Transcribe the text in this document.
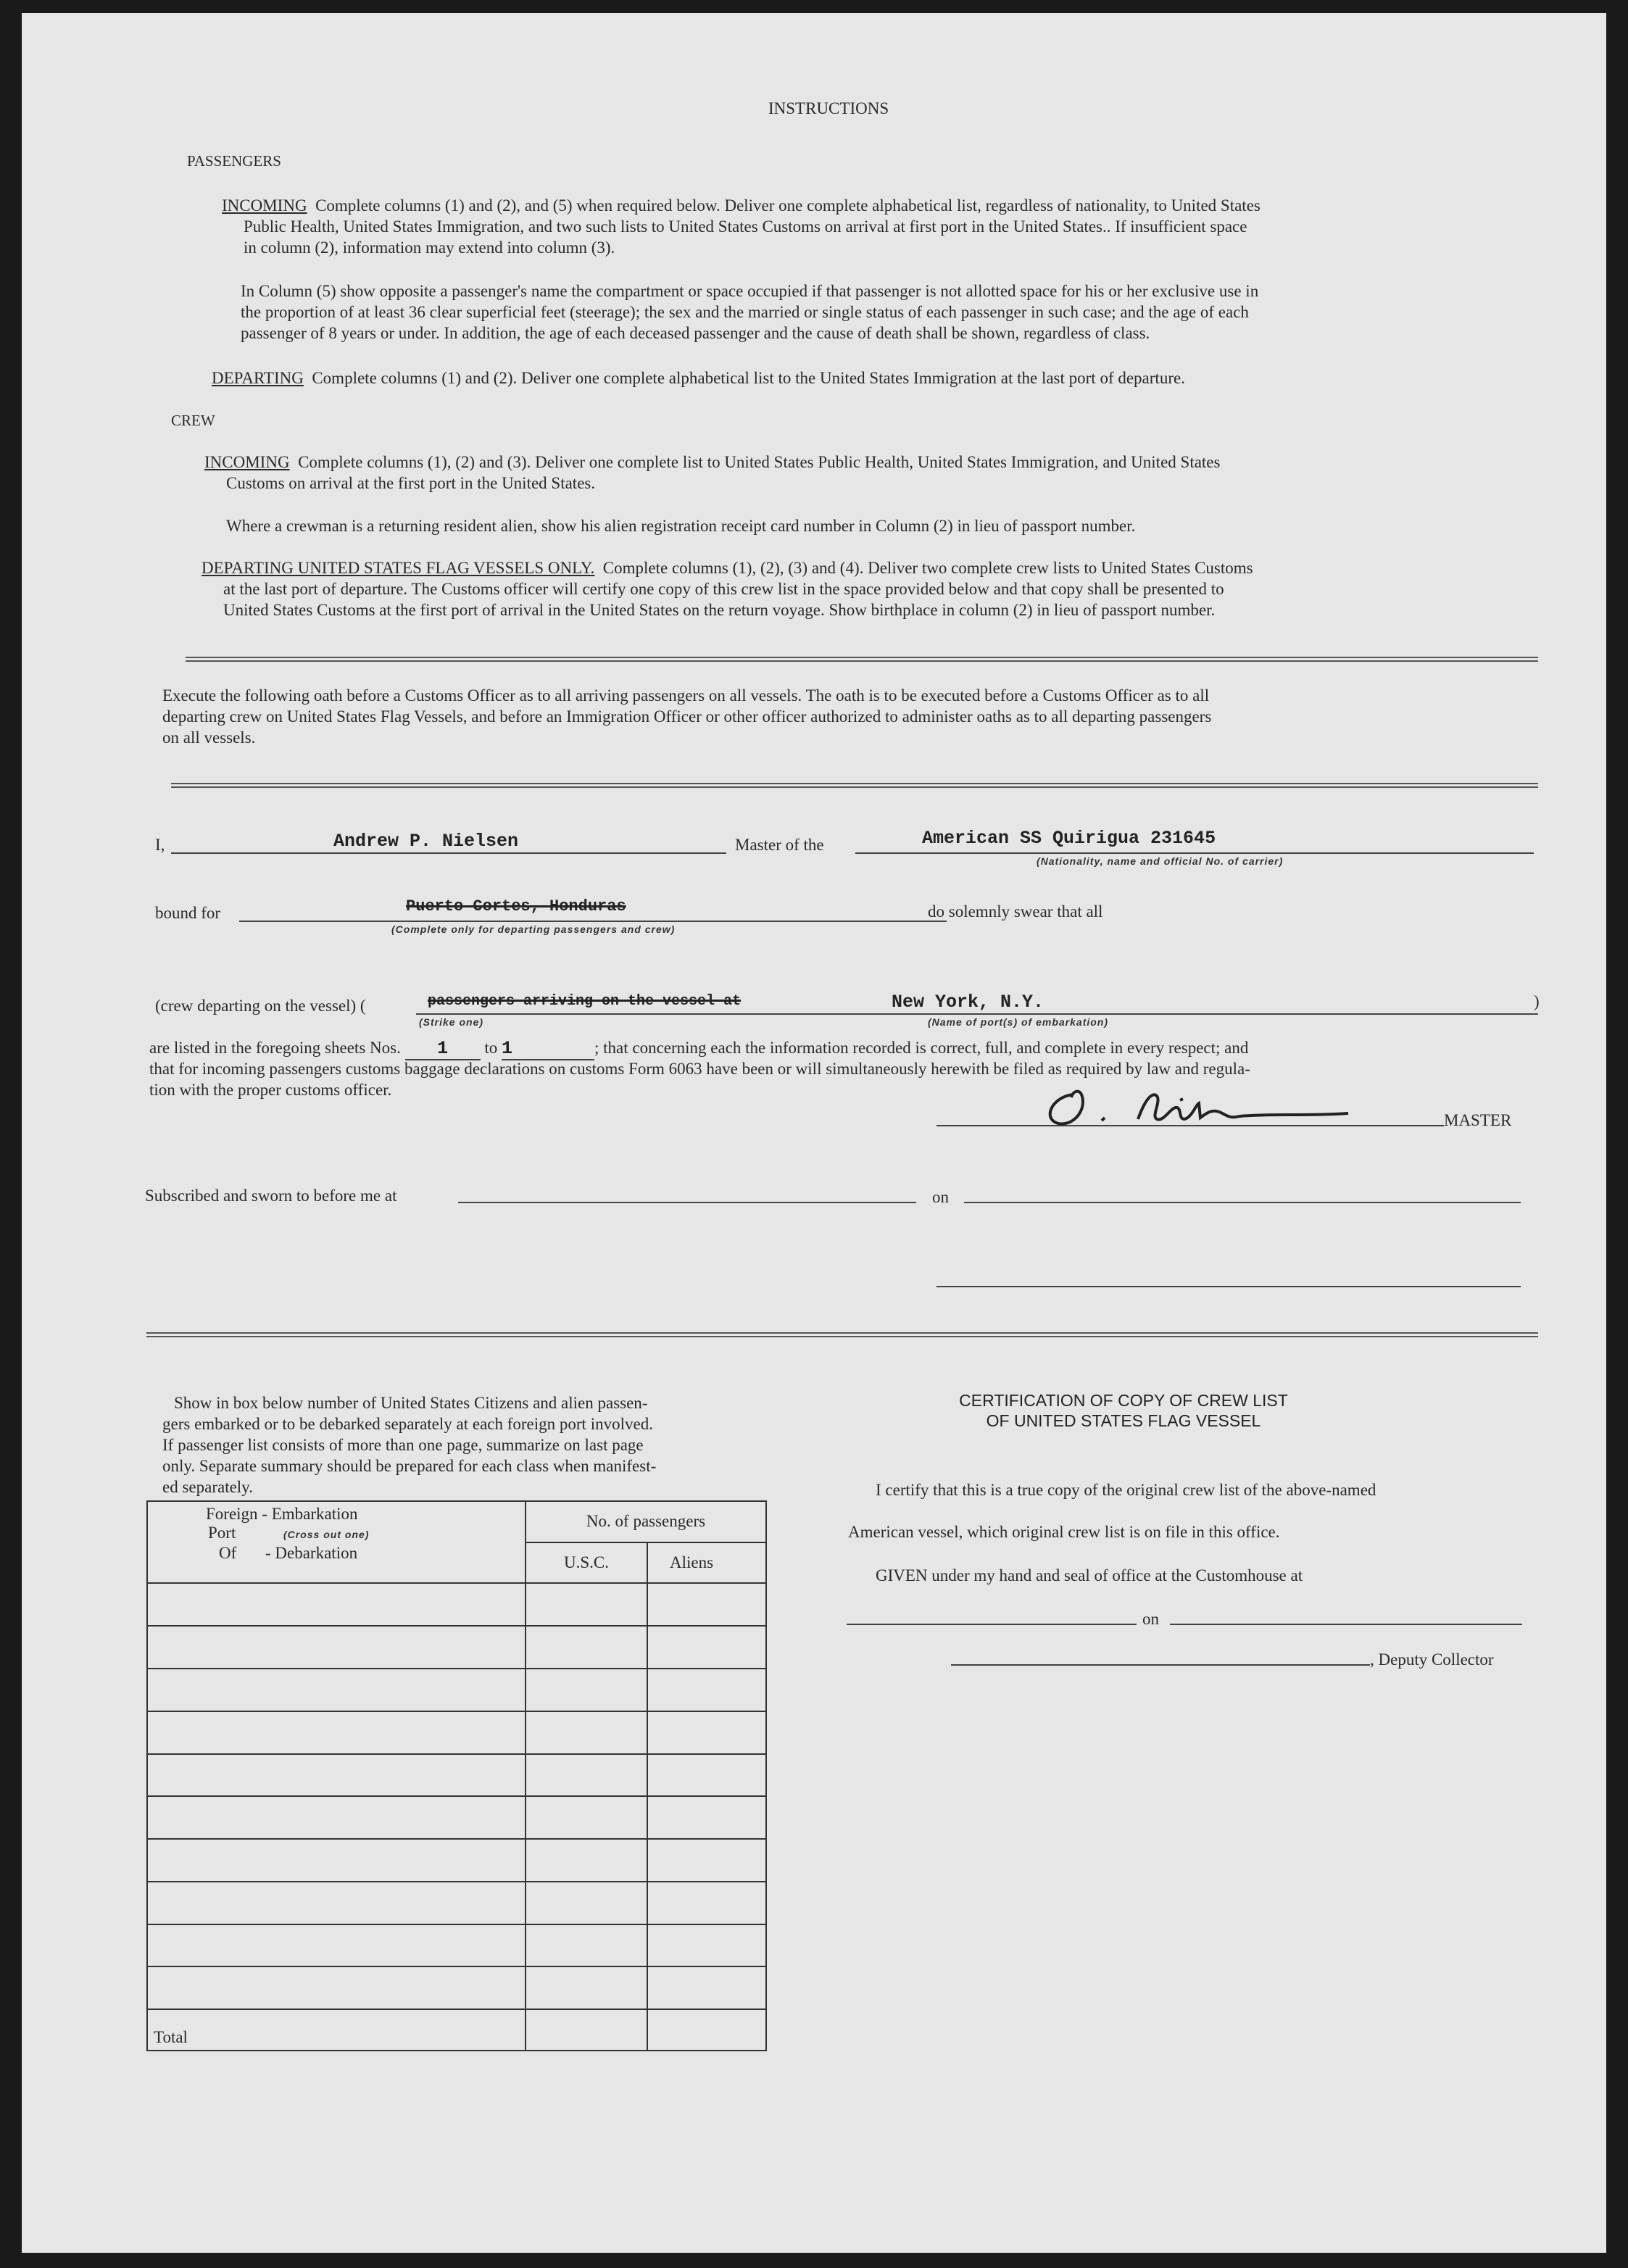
INSTRUCTIONS
PASSENGERS
INCOMING Complete columns (1) and (2), and (5) when required below. Deliver one complete alphabetical list, regardless of nationality, to United States
Public Health, United States Immigration, and two such lists to United States Customs on arrival at first port in the United States.. If insufficient space
in column (2), information may extend into column (3).
In Column (5) show opposite a passenger's name the compartment or space occupied if that passenger is not allotted space for his or her exclusive use in
the proportion of at least 36 clear superficial feet (steerage); the sex and the married or single status of each passenger in such case; and the age of each
passenger of 8 years or under. In addition, the age of each deceased passenger and the cause of death shall be shown, regardless of class.
DEPARTING Complete columns (1) and (2). Deliver one complete alphabetical list to the United States Immigration at the last port of departure.
CREW
INCOMING Complete columns (1), (2) and (3). Deliver one complete list to United States Public Health, United States Immigration, and United States
Customs on arrival at the first port in the United States.
Where a crewman is a returning resident alien, show his alien registration receipt card number in Column (2) in lieu of passport number.
DEPARTING UNITED STATES FLAG VESSELS ONLY. Complete columns (1), (2), (3) and (4). Deliver two complete crew lists to United States Customs
at the last port of departure. The Customs officer will certify one copy of this crew list in the space provided below and that copy shall be presented to
United States Customs at the first port of arrival in the United States on the return voyage. Show birthplace in column (2) in lieu of passport number.
Execute the following oath before a Customs Officer as to all arriving passengers on all vessels. The oath is to be executed before a Customs Officer as to all
departing crew on United States Flag Vessels, and before an Immigration Officer or other officer authorized to administer oaths as to all departing passengers
on all vessels.
I,	Andrew P. Nielsen	Master of the	American SS Quirigua 231645
(Nationality, name and official No. of carrier)
bound for	Puerto Cortes, Honduras
(Complete only for departing passengers and crew)
do solemnly swear that all
(crew departing on the vessel) (	passengers arriving on the vessel at
(Strike one)
New York, N.Y.
(Name of port(s) of embarkation)
)
are listed in the foregoing sheets Nos. 1 to 1	; that concerning each the information recorded is correct, full, and complete in every respect; and
that for incoming passengers customs baggage declarations on customs Form 6063 have been or will simultaneously herewith be filed as required by law and regula-
tion with the proper customs officer.
MASTER
Subscribed and sworn to before me at	on
Show in box below number of United States Citizens and alien passen-
gers embarked or to be debarked separately at each foreign port involved.
If passenger list consists of more than one page, summarize on last page
only. Separate summary should be prepared for each class when manifest-
ed separately.
Foreign - Embarkation
Port (Cross out one)
Of - Debarkation	No. of passengers	
	U.S.C.	Aliens

Total		
CERTIFICATION OF COPY OF CREW LIST
OF UNITED STATES FLAG VESSEL
I certify that this is a true copy of the original crew list of the above-named
American vessel, which original crew list is on file in this office.
GIVEN under my hand and seal of office at the Customhouse at
on
, Deputy Collector
